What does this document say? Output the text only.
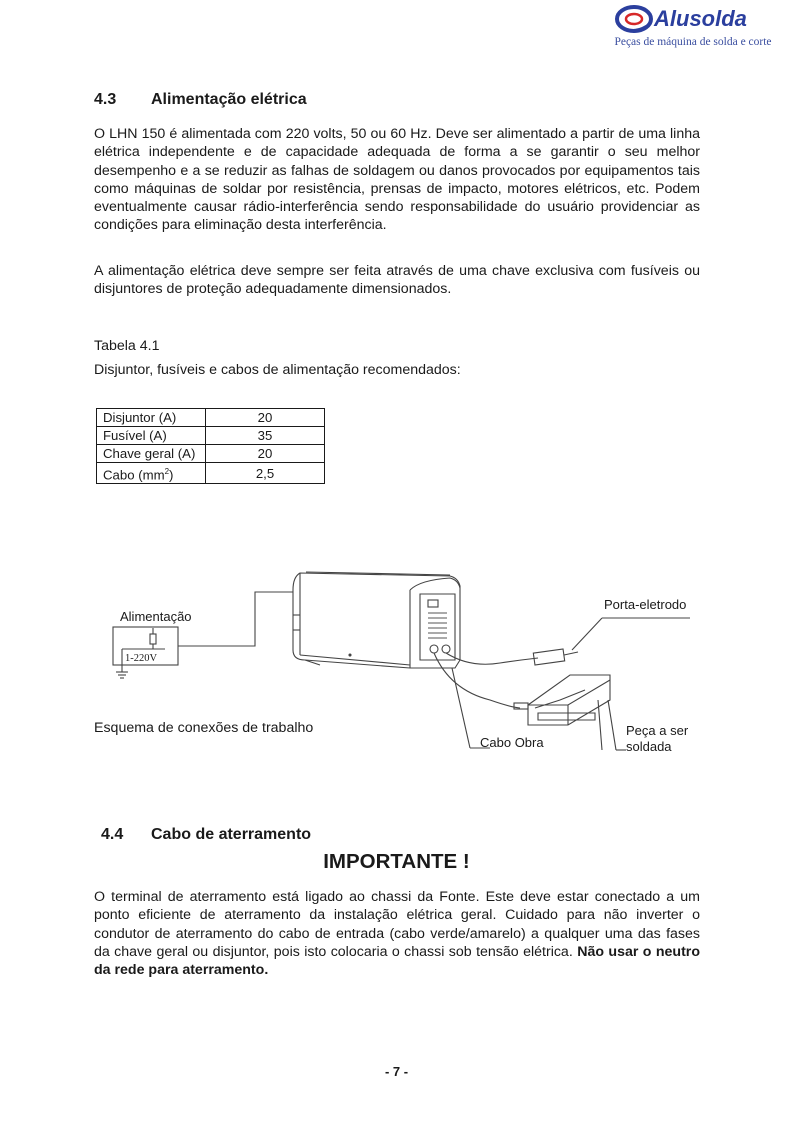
Alusolda
Peças de máquina de solda e corte
4.3 Alimentação elétrica
O LHN 150 é alimentada com 220 volts, 50 ou 60 Hz. Deve ser alimentado a partir de uma linha elétrica independente e de capacidade adequada de forma a se garantir o seu melhor desempenho e a se reduzir as falhas de soldagem ou danos provocados por equipamentos tais como máquinas de soldar por resistência, prensas de impacto, motores elétricos, etc. Podem eventualmente causar rádio-interferência sendo responsabilidade do usuário providenciar as condições para eliminação desta interferência.
A alimentação elétrica deve sempre ser feita através de uma chave exclusiva com fusíveis ou disjuntores de proteção adequadamente dimensionados.
Tabela 4.1
Disjuntor, fusíveis e cabos de alimentação recomendados:
Disjuntor (A)	20
Fusível (A)	35
Chave geral (A)	20
Cabo $(mm^2)$	2,5
1-220V
Alimentação
Porta-eletrodo
Cabo Obra
Peça a ser
soldada
Esquema de conexões de trabalho
4.4 Cabo de aterramento
IMPORTANTE !
O terminal de aterramento está ligado ao chassi da Fonte. Este deve estar conectado a um ponto eficiente de aterramento da instalação elétrica geral. Cuidado para não inverter o condutor de aterramento do cabo de entrada (cabo verde/amarelo) a qualquer uma das fases da chave geral ou disjuntor, pois isto colocaria o chassi sob tensão elétrica. Não usar o neutro da rede para aterramento.
- 7 -
